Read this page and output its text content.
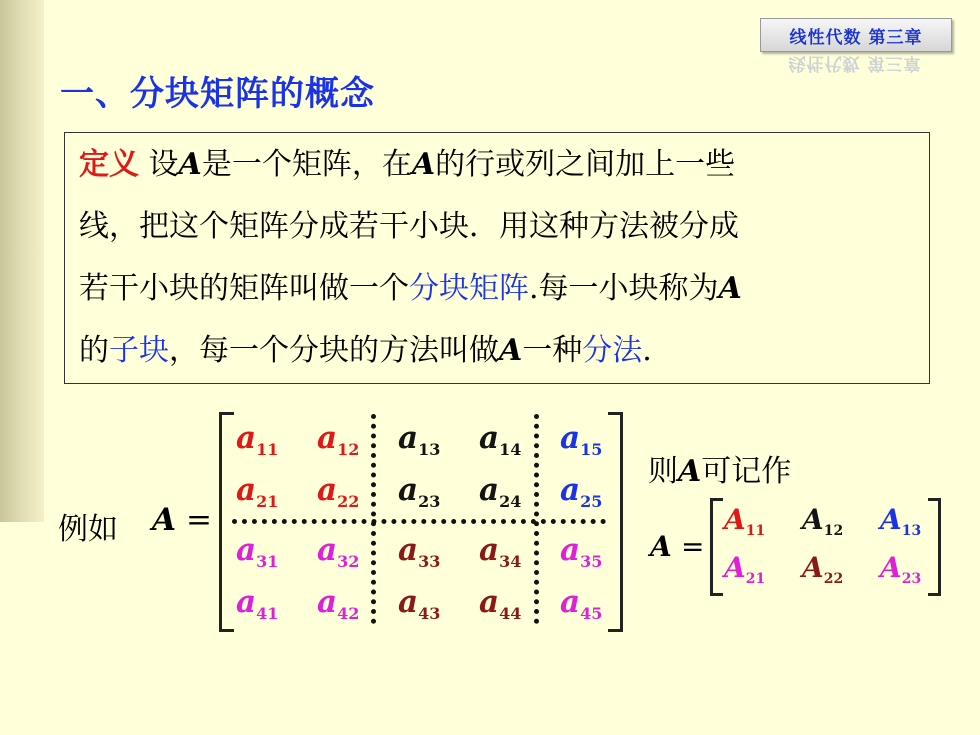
线性代数 第三章
线性代数 第三章
一、分块矩阵的概念
定义 设A是一个矩阵，在A的行或列之间加上一些
线，把这个矩阵分成若干小块．用这种方法被分成
若干小块的矩阵叫做一个分块矩阵.每一小块称为A
的子块，每一个分块的方法叫做A一种分法.
例如 A =
$a_{11}$ $a_{12}$ $a_{13}$ $a_{14}$ $a_{15}$
$a_{21}$ $a_{22}$ $a_{23}$ $a_{24}$ $a_{25}$
$a_{31}$ $a_{32}$ $a_{33}$ $a_{34}$ $a_{35}$
$a_{41}$ $a_{42}$ $a_{43}$ $a_{44}$ $a_{45}$
则A可记作
A =
$A_{11}$ $A_{12}$ $A_{13}$
$A_{21}$ $A_{22}$ $A_{23}$
